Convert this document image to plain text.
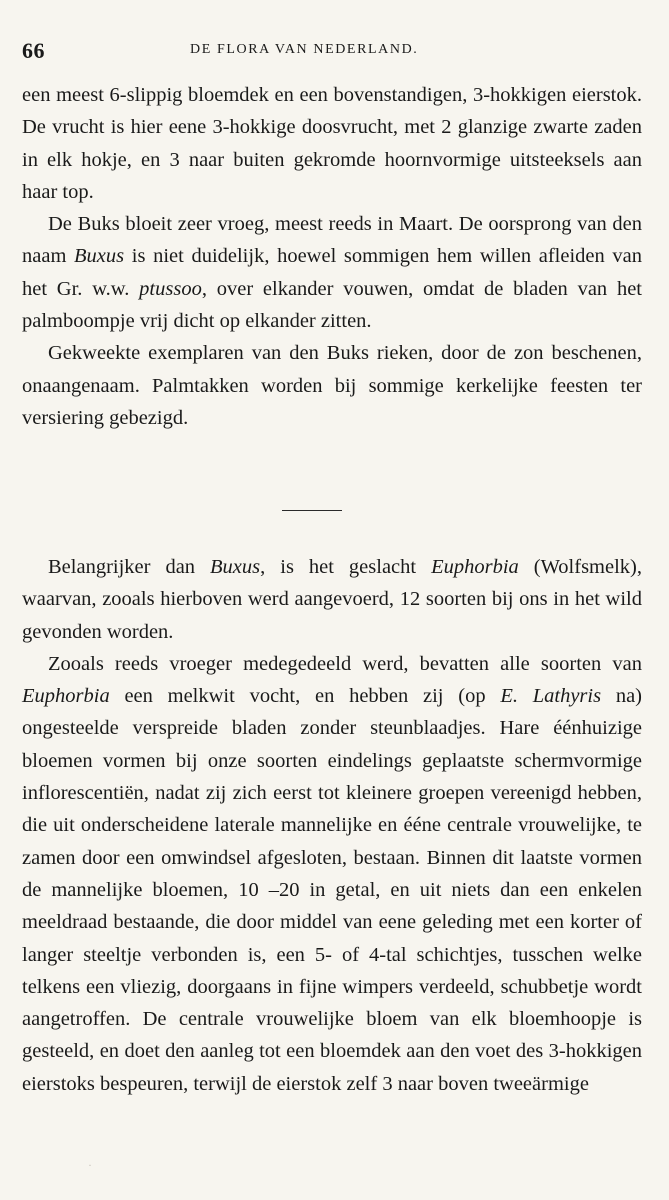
66	DE FLORA VAN NEDERLAND.

een meest 6-slippig bloemdek en een bovenstandigen, 3-hokkigen eierstok. De vrucht is hier eene 3-hokkige doosvrucht, met 2 glanzige zwarte zaden in elk hokje, en 3 naar buiten gekromde hoornvormige uitsteeksels aan haar top.

De Buks bloeit zeer vroeg, meest reeds in Maart. De oorsprong van den naam Buxus is niet duidelijk, hoewel sommigen hem willen afleiden van het Gr. w.w. ptussoo, over elkander vouwen, omdat de bladen van het palmboompje vrij dicht op elkander zitten.

Gekweekte exemplaren van den Buks rieken, door de zon beschenen, onaangenaam. Palmtakken worden bij sommige kerkelijke feesten ter versiering gebezigd.

Belangrijker dan Buxus, is het geslacht Euphorbia (Wolfsmelk), waarvan, zooals hierboven werd aangevoerd, 12 soorten bij ons in het wild gevonden worden.

Zooals reeds vroeger medegedeeld werd, bevatten alle soorten van Euphorbia een melkwit vocht, en hebben zij (op E. Lathyris na) ongesteelde verspreide bladen zonder steunblaadjes. Hare éénhuizige bloemen vormen bij onze soorten eindelings geplaatste schermvormige inflorescentiën, nadat zij zich eerst tot kleinere groepen vereenigd hebben, die uit onderscheidene laterale mannelijke en ééne centrale vrouwelijke, te zamen door een omwindsel afgesloten, bestaan. Binnen dit laatste vormen de mannelijke bloemen, 10 –20 in getal, en uit niets dan een enkelen meeldraad bestaande, die door middel van eene geleding met een korter of langer steeltje verbonden is, een 5- of 4-tal schichtjes, tusschen welke telkens een vliezig, doorgaans in fijne wimpers verdeeld, schubbetje wordt aangetroffen. De centrale vrouwelijke bloem van elk bloemhoopje is gesteeld, en doet den aanleg tot een bloemdek aan den voet des 3-hokkigen eierstoks bespeuren, terwijl de eierstok zelf 3 naar boven tweeärmige

·
